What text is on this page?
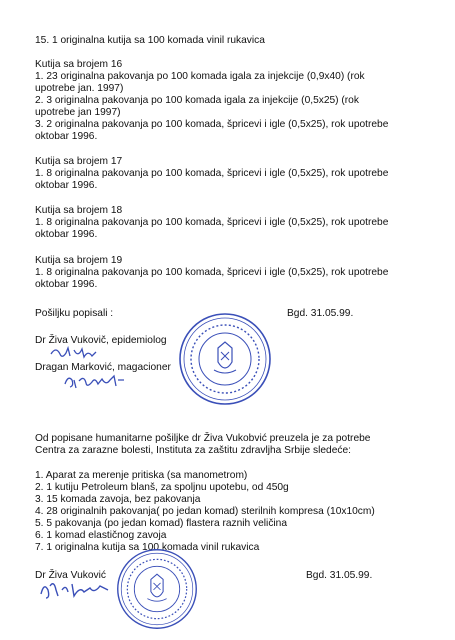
15. 1 originalna kutija sa 100 komada vinil rukavica
Kutija sa brojem 16
1. 23 originalna pakovanja po 100 komada igala za injekcije (0,9x40) (rok
upotrebe jan. 1997)
2. 3 originalna pakovanja po 100 komada igala za injekcije (0,5x25) (rok
upotrebe jan 1997)
3. 2 originalna pakovanja po 100 komada, špricevi i igle (0,5x25), rok upotrebe
oktobar 1996.
Kutija sa brojem 17
1. 8 originalna pakovanja po 100 komada, špricevi i igle (0,5x25), rok upotrebe
oktobar 1996.
Kutija sa brojem 18
1. 8 originalna pakovanja po 100 komada, špricevi i igle (0,5x25), rok upotrebe
oktobar 1996.
Kutija sa brojem 19
1. 8 originalna pakovanja po 100 komada, špricevi i igle (0,5x25), rok upotrebe
oktobar 1996.
Pošiljku popisali :	Bgd. 31.05.99.
Dr Živa Vukovič, epidemiolog
Dragan Marković, magacioner
Od popisane humanitarne pošiljke dr Živa Vukobvić preuzela je za potrebe
Centra za zarazne bolesti, Instituta za zaštitu zdravljha Srbije sledeće:
1. Aparat za merenje pritiska (sa manometrom)
2. 1 kutiju Petroleum blanš, za spoljnu upotebu, od 450g
3. 15 komada zavoja, bez pakovanja
4. 28 originalnih pakovanja( po jedan komad) sterilnih kompresa (10x10cm)
5. 5 pakovanja (po jedan komad) flastera raznih veličina
6. 1 komad elastičnog zavoja
7. 1 originalna kutija sa 100 komada vinil rukavica
Dr Živa Vuković	Bgd. 31.05.99.
